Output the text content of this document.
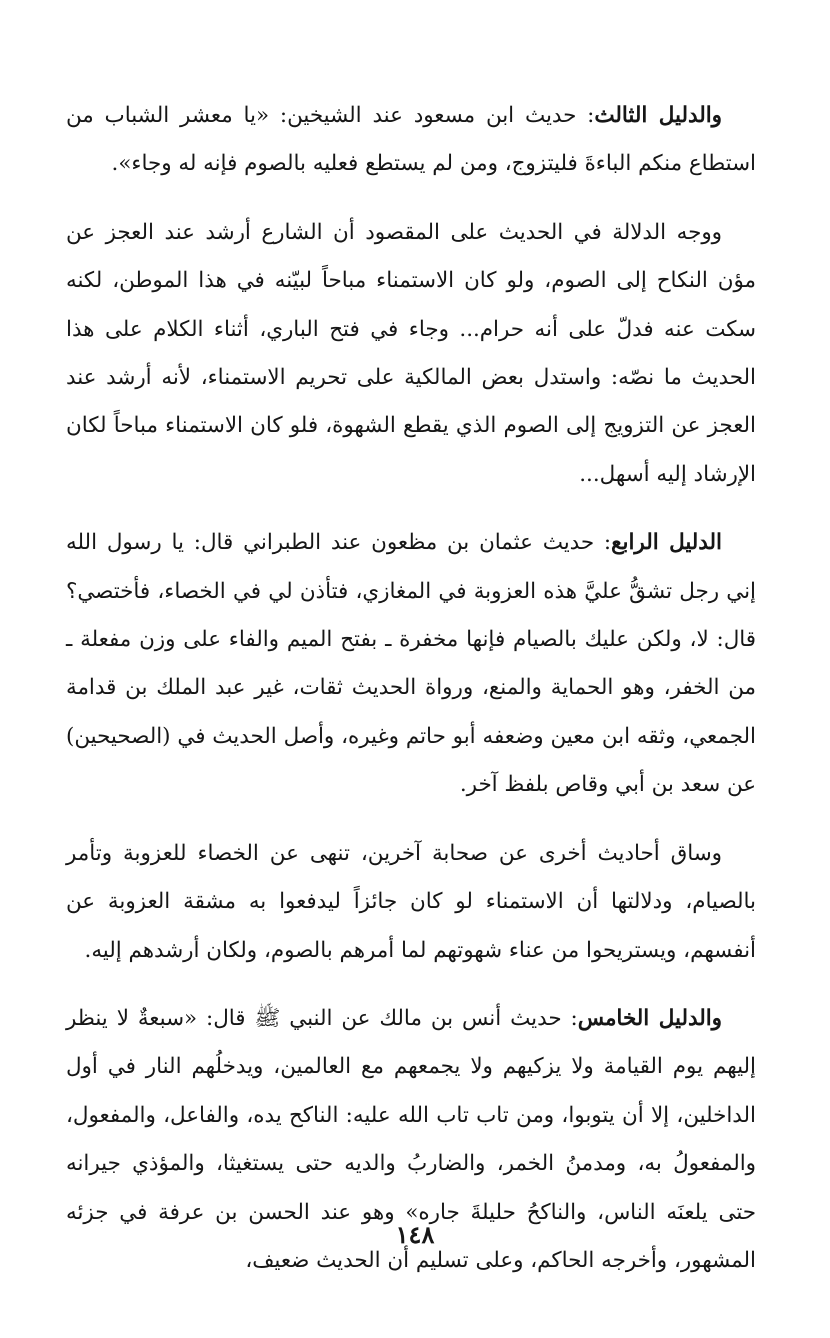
والدليل الثالث: حديث ابن مسعود عند الشيخين: «يا معشر الشباب من استطاع منكم الباءةَ فليتزوج، ومن لم يستطع فعليه بالصوم فإنه له وجاء».

ووجه الدلالة في الحديث على المقصود أن الشارع أرشد عند العجز عن مؤن النكاح إلى الصوم، ولو كان الاستمناء مباحاً لبيّنه في هذا الموطن، لكنه سكت عنه فدلّ على أنه حرام... وجاء في فتح الباري، أثناء الكلام على هذا الحديث ما نصّه: واستدل بعض المالكية على تحريم الاستمناء، لأنه أرشد عند العجز عن التزويج إلى الصوم الذي يقطع الشهوة، فلو كان الاستمناء مباحاً لكان الإرشاد إليه أسهل...

الدليل الرابع: حديث عثمان بن مظعون عند الطبراني قال: يا رسول الله إني رجل تشقُّ عليَّ هذه العزوبة في المغازي، فتأذن لي في الخصاء، فأختصي؟ قال: لا، ولكن عليك بالصيام فإنها مخفرة ـ بفتح الميم والفاء على وزن مفعلة ـ من الخفر، وهو الحماية والمنع، ورواة الحديث ثقات، غير عبد الملك بن قدامة الجمعي، وثقه ابن معين وضعفه أبو حاتم وغيره، وأصل الحديث في (الصحيحين) عن سعد بن أبي وقاص بلفظ آخر.

وساق أحاديث أخرى عن صحابة آخرين، تنهى عن الخصاء للعزوبة وتأمر بالصيام، ودلالتها أن الاستمناء لو كان جائزاً ليدفعوا به مشقة العزوبة عن أنفسهم، ويستريحوا من عناء شهوتهم لما أمرهم بالصوم، ولكان أرشدهم إليه.

والدليل الخامس: حديث أنس بن مالك عن النبي ﷺ قال: «سبعةٌ لا ينظر إليهم يوم القيامة ولا يزكيهم ولا يجمعهم مع العالمين، ويدخلُهم النار في أول الداخلين، إلا أن يتوبوا، ومن تاب تاب الله عليه: الناكح يده، والفاعل، والمفعول، والمفعولُ به، ومدمنُ الخمر، والضاربُ والديه حتى يستغيثا، والمؤذي جيرانه حتى يلعنَه الناس، والناكحُ حليلةَ جاره» وهو عند الحسن بن عرفة في جزئه المشهور، وأخرجه الحاكم، وعلى تسليم أن الحديث ضعيف،

١٤٨
